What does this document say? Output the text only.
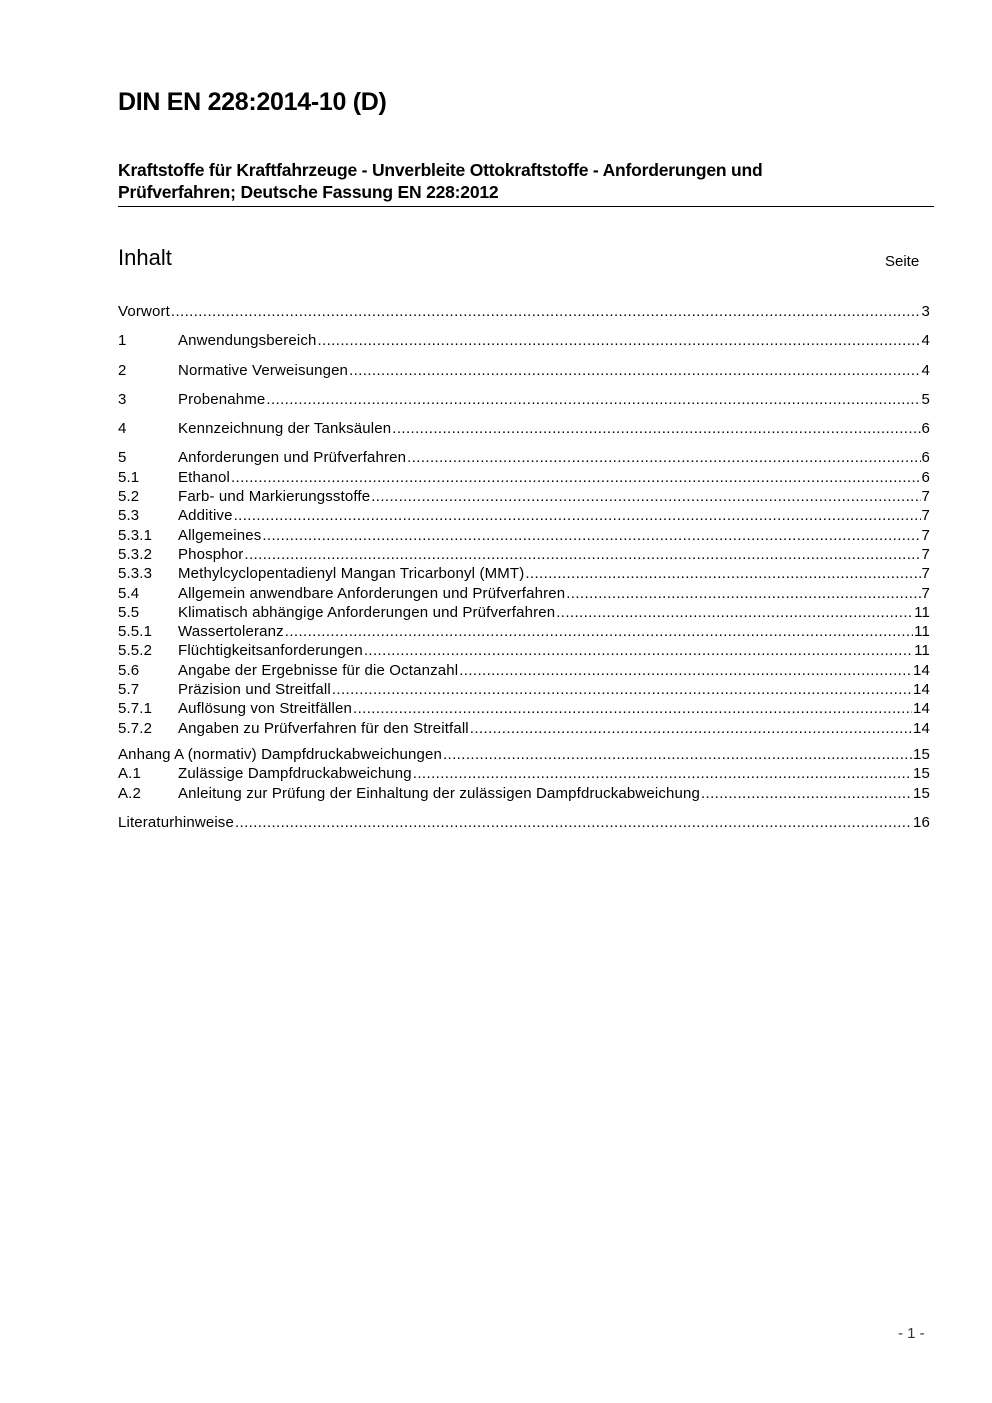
DIN EN 228:2014-10 (D)
Kraftstoffe für Kraftfahrzeuge - Unverbleite Ottokraftstoffe - Anforderungen und
Prüfverfahren; Deutsche Fassung EN 228:2012
Inhalt	Seite
Vorwort .....	3
1	Anwendungsbereich .....	4
2	Normative Verweisungen .....	4
3	Probenahme .....	5
4	Kennzeichnung der Tanksäulen .....	6
5	Anforderungen und Prüfverfahren .....	6
5.1	Ethanol .....	6
5.2	Farb- und Markierungsstoffe .....	7
5.3	Additive .....	7
5.3.1	Allgemeines .....	7
5.3.2	Phosphor .....	7
5.3.3	Methylcyclopentadienyl Mangan Tricarbonyl (MMT) .....	7
5.4	Allgemein anwendbare Anforderungen und Prüfverfahren .....	7
5.5	Klimatisch abhängige Anforderungen und Prüfverfahren .....	11
5.5.1	Wassertoleranz .....	11
5.5.2	Flüchtigkeitsanforderungen .....	11
5.6	Angabe der Ergebnisse für die Octanzahl .....	14
5.7	Präzision und Streitfall .....	14
5.7.1	Auflösung von Streitfällen .....	14
5.7.2	Angaben zu Prüfverfahren für den Streitfall .....	14
Anhang A (normativ) Dampfdruckabweichungen .....	15
A.1	Zulässige Dampfdruckabweichung .....	15
A.2	Anleitung zur Prüfung der Einhaltung der zulässigen Dampfdruckabweichung .....	15
Literaturhinweise .....	16
- 1 -
